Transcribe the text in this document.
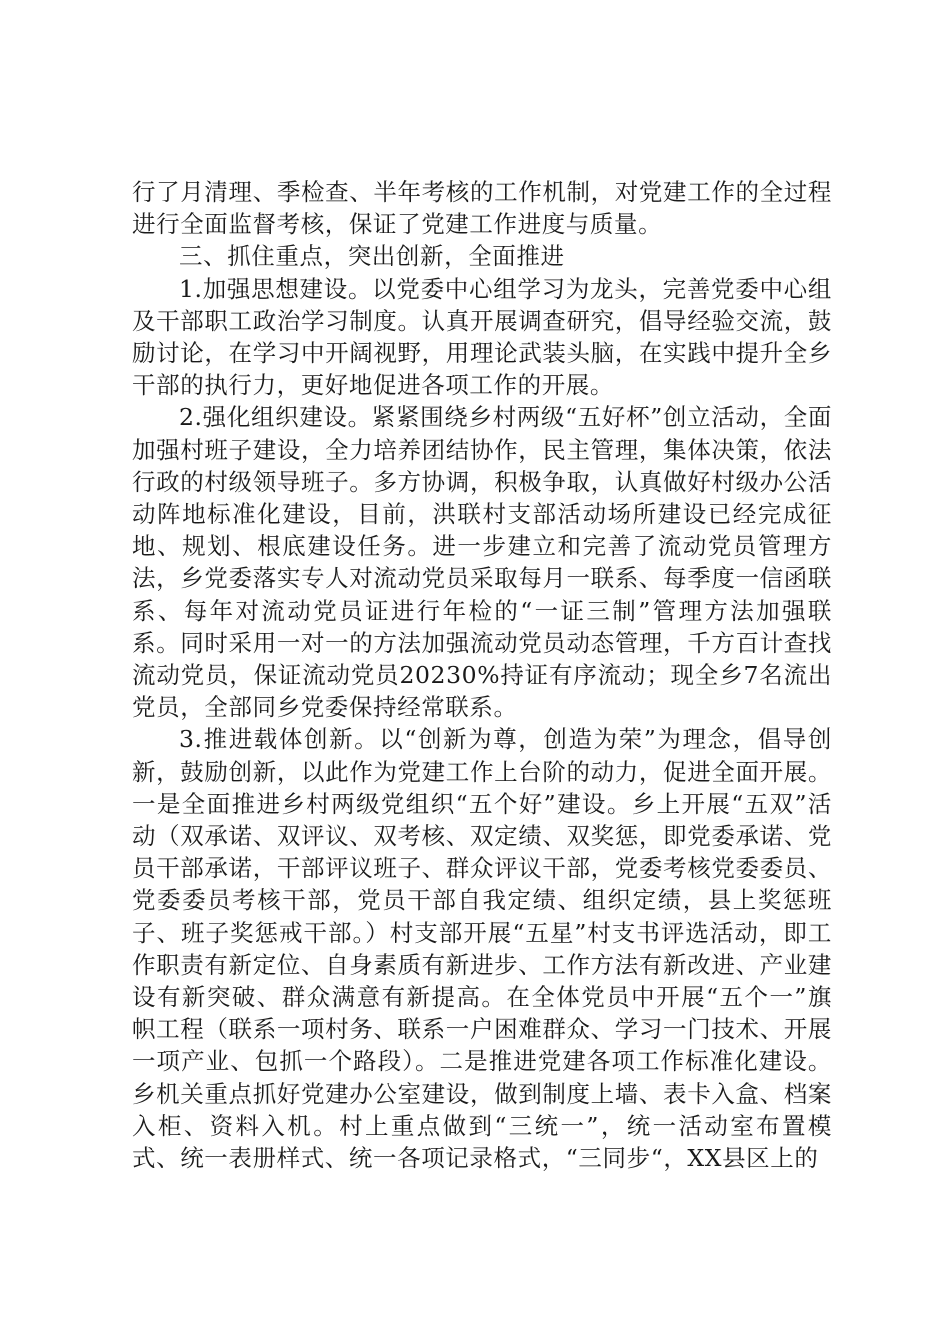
行了月清理、季检查、半年考核的工作机制，对党建工作的全过程进行全面监督考核，保证了党建工作进度与质量。

三、抓住重点，突出创新，全面推进

1.加强思想建设。以党委中心组学习为龙头，完善党委中心组及干部职工政治学习制度。认真开展调查研究，倡导经验交流，鼓励讨论，在学习中开阔视野，用理论武装头脑，在实践中提升全乡干部的执行力，更好地促进各项工作的开展。

2.强化组织建设。紧紧围绕乡村两级“五好杯”创立活动，全面加强村班子建设，全力培养团结协作，民主管理，集体决策，依法行政的村级领导班子。多方协调，积极争取，认真做好村级办公活动阵地标准化建设，目前，洪联村支部活动场所建设已经完成征地、规划、根底建设任务。进一步建立和完善了流动党员管理方法，乡党委落实专人对流动党员采取每月一联系、每季度一信函联系、每年对流动党员证进行年检的“一证三制”管理方法加强联系。同时采用一对一的方法加强流动党员动态管理，千方百计查找流动党员，保证流动党员20230%持证有序流动；现全乡7名流出党员，全部同乡党委保持经常联系。

3.推进载体创新。以“创新为尊，创造为荣”为理念，倡导创新，鼓励创新，以此作为党建工作上台阶的动力，促进全面开展。一是全面推进乡村两级党组织“五个好”建设。乡上开展“五双”活动（双承诺、双评议、双考核、双定绩、双奖惩，即党委承诺、党员干部承诺，干部评议班子、群众评议干部，党委考核党委委员、党委委员考核干部，党员干部自我定绩、组织定绩，县上奖惩班子、班子奖惩戒干部。）村支部开展“五星”村支书评选活动，即工作职责有新定位、自身素质有新进步、工作方法有新改进、产业建设有新突破、群众满意有新提高。在全体党员中开展“五个一”旗帜工程（联系一项村务、联系一户困难群众、学习一门技术、开展一项产业、包抓一个路段）。二是推进党建各项工作标准化建设。乡机关重点抓好党建办公室建设，做到制度上墙、表卡入盒、档案入柜、资料入机。村上重点做到“三统一”，统一活动室布置模式、统一表册样式、统一各项记录格式，“三同步“，XX县区上的
